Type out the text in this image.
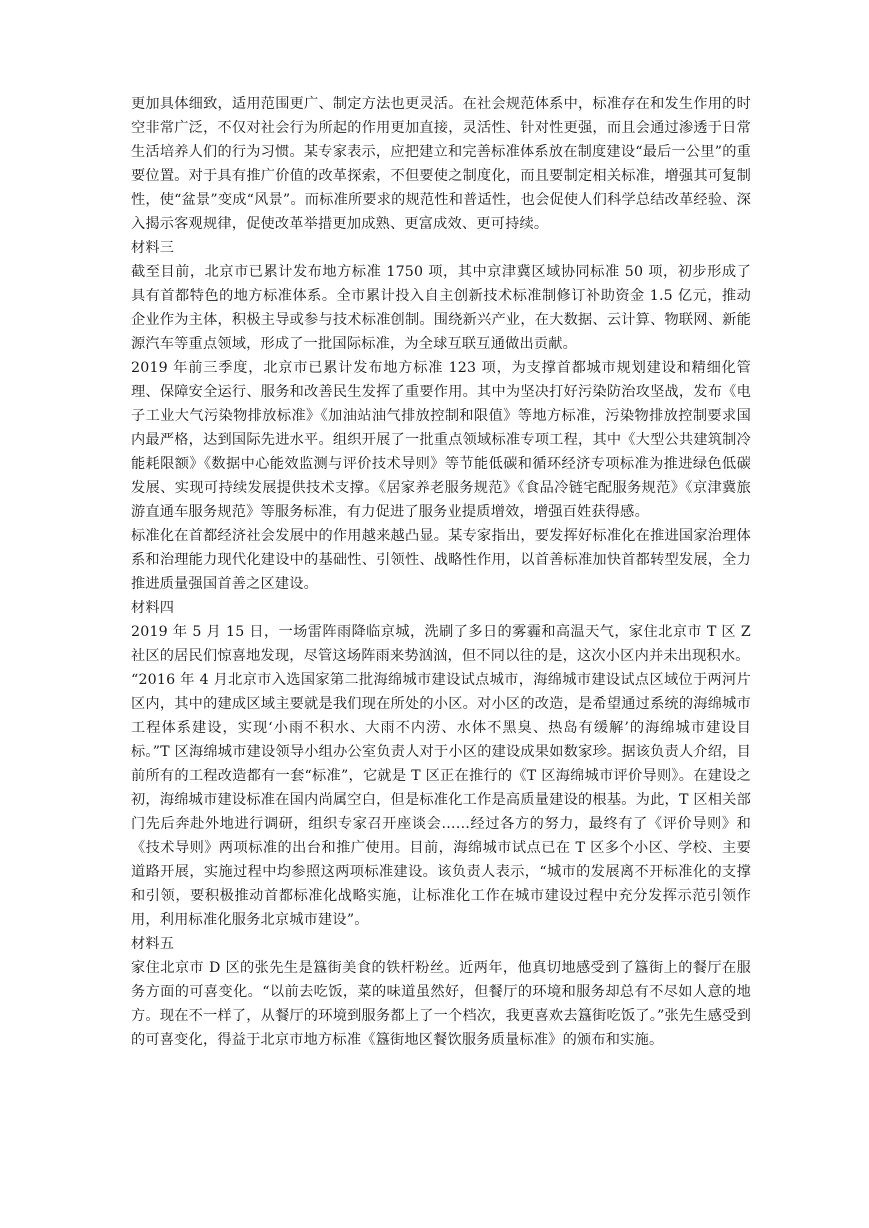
更加具体细致，适用范围更广、制定方法也更灵活。在社会规范体系中，标准存在和发生作用的时空非常广泛，不仅对社会行为所起的作用更加直接，灵活性、针对性更强，而且会通过渗透于日常生活培养人们的行为习惯。某专家表示，应把建立和完善标准体系放在制度建设“最后一公里”的重要位置。对于具有推广价值的改革探索，不但要使之制度化，而且要制定相关标准，增强其可复制性，使“盆景”变成“风景”。而标准所要求的规范性和普适性，也会促使人们科学总结改革经验、深入揭示客观规律，促使改革举措更加成熟、更富成效、更可持续。

材料三

截至目前，北京市已累计发布地方标准 1750 项，其中京津冀区域协同标准 50 项，初步形成了具有首都特色的地方标准体系。全市累计投入自主创新技术标准制修订补助资金 1.5 亿元，推动企业作为主体，积极主导或参与技术标准创制。围绕新兴产业，在大数据、云计算、物联网、新能源汽车等重点领域，形成了一批国际标准，为全球互联互通做出贡献。

2019 年前三季度，北京市已累计发布地方标准 123 项，为支撑首都城市规划建设和精细化管理、保障安全运行、服务和改善民生发挥了重要作用。其中为坚决打好污染防治攻坚战，发布《电子工业大气污染物排放标准》《加油站油气排放控制和限值》等地方标准，污染物排放控制要求国内最严格，达到国际先进水平。组织开展了一批重点领域标准专项工程，其中《大型公共建筑制冷能耗限额》《数据中心能效监测与评价技术导则》等节能低碳和循环经济专项标准为推进绿色低碳发展、实现可持续发展提供技术支撑。《居家养老服务规范》《食品冷链宅配服务规范》《京津冀旅游直通车服务规范》等服务标准，有力促进了服务业提质增效，增强百姓获得感。

标准化在首都经济社会发展中的作用越来越凸显。某专家指出，要发挥好标准化在推进国家治理体系和治理能力现代化建设中的基础性、引领性、战略性作用，以首善标准加快首都转型发展，全力推进质量强国首善之区建设。

材料四

2019 年 5 月 15 日，一场雷阵雨降临京城，洗刷了多日的雾霾和高温天气，家住北京市 T 区 Z 社区的居民们惊喜地发现，尽管这场阵雨来势汹汹，但不同以往的是，这次小区内并未出现积水。

“2016 年 4 月北京市入选国家第二批海绵城市建设试点城市，海绵城市建设试点区域位于两河片区内，其中的建成区域主要就是我们现在所处的小区。对小区的改造，是希望通过系统的海绵城市工程体系建设，实现‘小雨不积水、大雨不内涝、水体不黑臭、热岛有缓解’的海绵城市建设目标。”T 区海绵城市建设领导小组办公室负责人对于小区的建设成果如数家珍。据该负责人介绍，目前所有的工程改造都有一套“标准”，它就是 T 区正在推行的《T 区海绵城市评价导则》。在建设之初，海绵城市建设标准在国内尚属空白，但是标准化工作是高质量建设的根基。为此，T 区相关部门先后奔赴外地进行调研，组织专家召开座谈会……经过各方的努力，最终有了《评价导则》和《技术导则》两项标准的出台和推广使用。目前，海绵城市试点已在 T 区多个小区、学校、主要道路开展，实施过程中均参照这两项标准建设。该负责人表示，“城市的发展离不开标准化的支撑和引领，要积极推动首都标准化战略实施，让标准化工作在城市建设过程中充分发挥示范引领作用，利用标准化服务北京城市建设”。

材料五

家住北京市 D 区的张先生是簋街美食的铁杆粉丝。近两年，他真切地感受到了簋街上的餐厅在服务方面的可喜变化。“以前去吃饭，菜的味道虽然好，但餐厅的环境和服务却总有不尽如人意的地方。现在不一样了，从餐厅的环境到服务都上了一个档次，我更喜欢去簋街吃饭了。”张先生感受到的可喜变化，得益于北京市地方标准《簋街地区餐饮服务质量标准》的颁布和实施。
